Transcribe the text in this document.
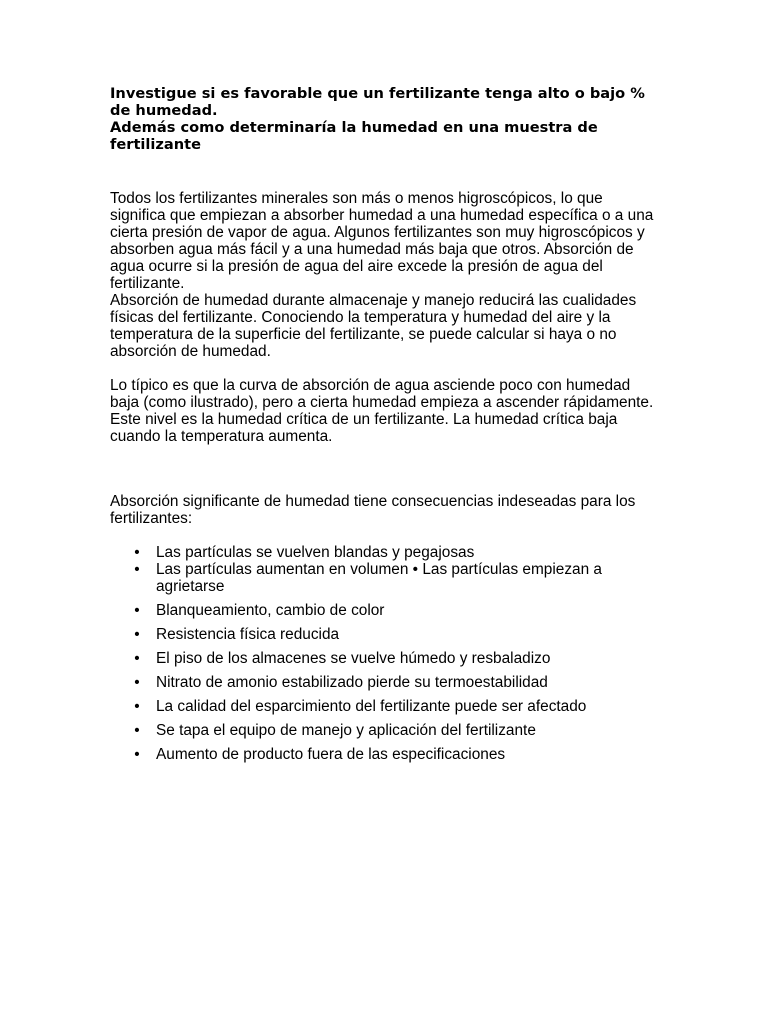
Investigue si es favorable que un fertilizante tenga alto o bajo % de humedad.

Además como determinaría la humedad en una muestra de fertilizante

Todos los fertilizantes minerales son más o menos higroscópicos, lo que significa que empiezan a absorber humedad a una humedad específica o a una cierta presión de vapor de agua. Algunos fertilizantes son muy higroscópicos y absorben agua más fácil y a una humedad más baja que otros. Absorción de agua ocurre si la presión de agua del aire excede la presión de agua del fertilizante.

Absorción de humedad durante almacenaje y manejo reducirá las cualidades físicas del fertilizante. Conociendo la temperatura y humedad del aire y la temperatura de la superficie del fertilizante, se puede calcular si haya o no absorción de humedad.

Lo típico es que la curva de absorción de agua asciende poco con humedad baja (como ilustrado), pero a cierta humedad empieza a ascender rápidamente. Este nivel es la humedad crítica de un fertilizante. La humedad crítica baja cuando la temperatura aumenta.

Absorción significante de humedad tiene consecuencias indeseadas para los fertilizantes:

• Las partículas se vuelven blandas y pegajosas
• Las partículas aumentan en volumen • Las partículas empiezan a agrietarse
• Blanqueamiento, cambio de color
• Resistencia física reducida
• El piso de los almacenes se vuelve húmedo y resbaladizo
• Nitrato de amonio estabilizado pierde su termoestabilidad
• La calidad del esparcimiento del fertilizante puede ser afectado
• Se tapa el equipo de manejo y aplicación del fertilizante
• Aumento de producto fuera de las especificaciones
